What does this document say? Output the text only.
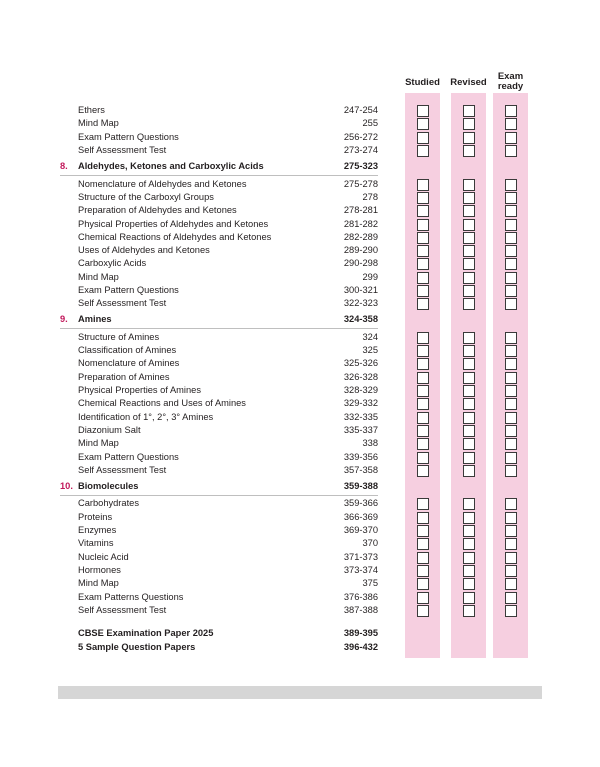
Studied	Revised
Exam
ready
Ethers	247-254
Mind Map	255
Exam Pattern Questions	256-272
Self Assessment Test	273-274
8. Aldehydes, Ketones and Carboxylic Acids	275-323
Nomenclature of Aldehydes and Ketones	275-278
Structure of the Carboxyl Groups	278
Preparation of Aldehydes and Ketones	278-281
Physical Properties of Aldehydes and Ketones	281-282
Chemical Reactions of Aldehydes and Ketones	282-289
Uses of Aldehydes and Ketones	289-290
Carboxylic Acids	290-298
Mind Map	299
Exam Pattern Questions	300-321
Self Assessment Test	322-323
9. Amines	324-358
Structure of Amines	324
Classification of Amines	325
Nomenclature of Amines	325-326
Preparation of Amines	326-328
Physical Properties of Amines	328-329
Chemical Reactions and Uses of Amines	329-332
Identification of 1°, 2°, 3° Amines	332-335
Diazonium Salt	335-337
Mind Map	338
Exam Pattern Questions	339-356
Self Assessment Test	357-358
10. Biomolecules	359-388
Carbohydrates	359-366
Proteins	366-369
Enzymes	369-370
Vitamins	370
Nucleic Acid	371-373
Hormones	373-374
Mind Map	375
Exam Patterns Questions	376-386
Self Assessment Test	387-388
CBSE Examination Paper 2025	389-395
5 Sample Question Papers	396-432
